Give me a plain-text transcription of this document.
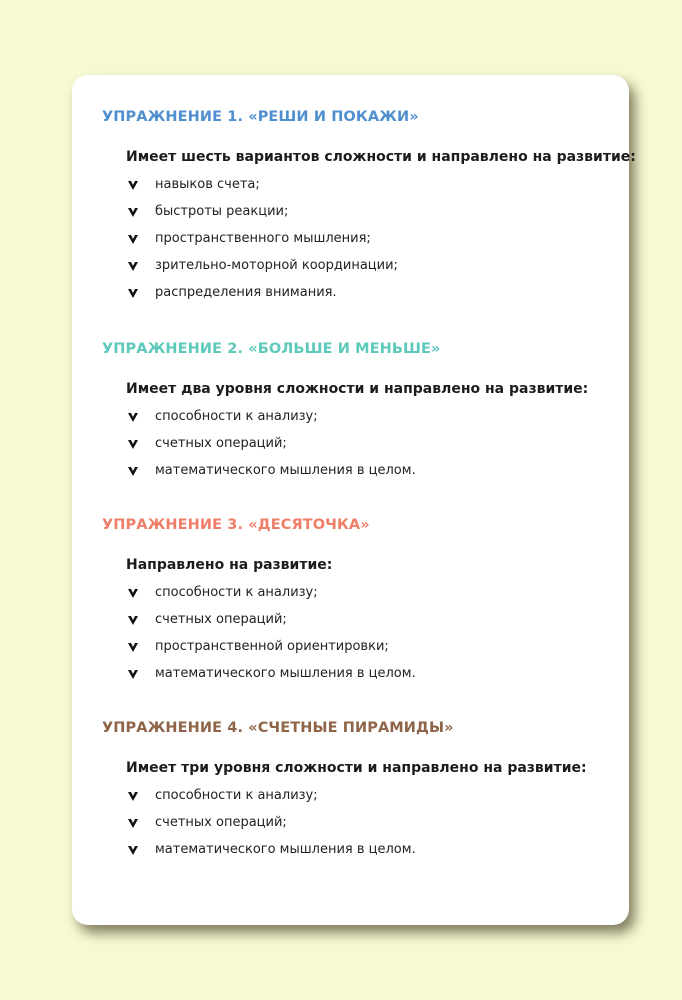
УПРАЖНЕНИЕ 1. «РЕШИ И ПОКАЖИ»
Имеет шесть вариантов сложности и направлено на развитие:
навыков счета;
быстроты реакции;
пространственного мышления;
зрительно-моторной координации;
распределения внимания.
УПРАЖНЕНИЕ 2. «БОЛЬШЕ И МЕНЬШЕ»
Имеет два уровня сложности и направлено на развитие:
способности к анализу;
счетных операций;
математического мышления в целом.
УПРАЖНЕНИЕ 3. «ДЕСЯТОЧКА»
Направлено на развитие:
способности к анализу;
счетных операций;
пространственной ориентировки;
математического мышления в целом.
УПРАЖНЕНИЕ 4. «СЧЕТНЫЕ ПИРАМИДЫ»
Имеет три уровня сложности и направлено на развитие:
способности к анализу;
счетных операций;
математического мышления в целом.
